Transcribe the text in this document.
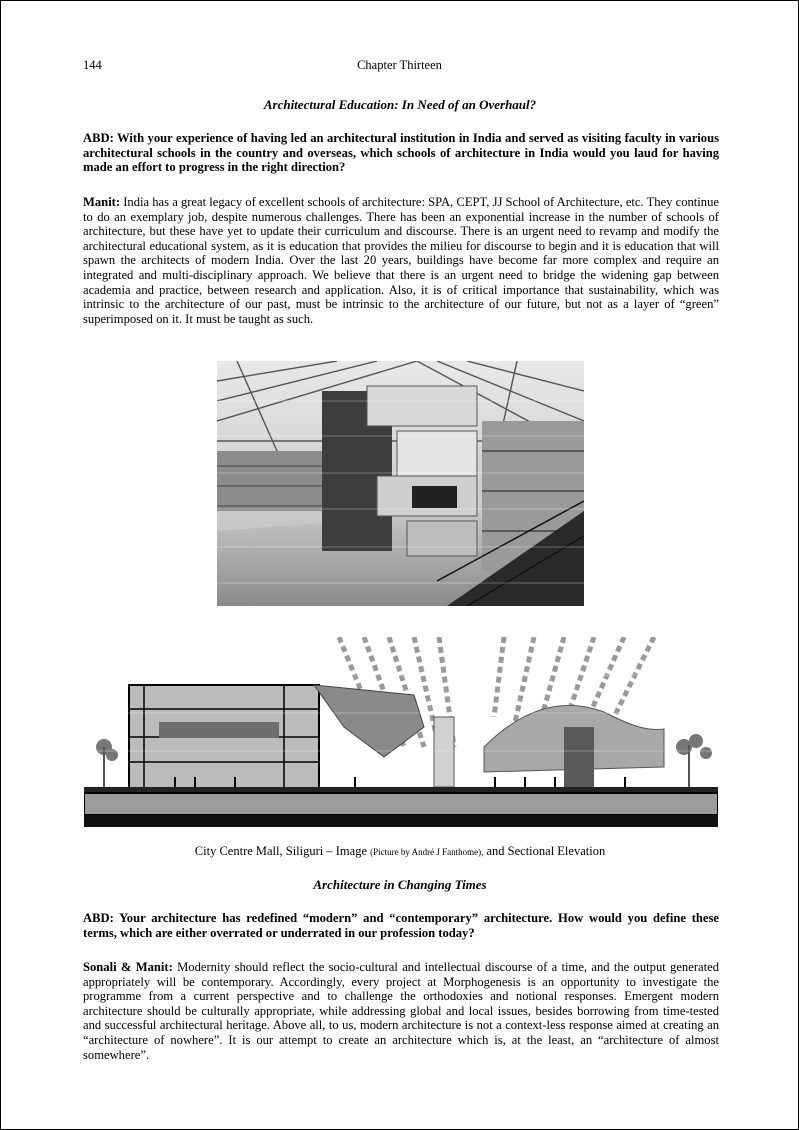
144	Chapter Thirteen
Architectural Education: In Need of an Overhaul?
ABD: With your experience of having led an architectural institution in India and served as visiting faculty in various architectural schools in the country and overseas, which schools of architecture in India would you laud for having made an effort to progress in the right direction?
Manit: India has a great legacy of excellent schools of architecture: SPA, CEPT, JJ School of Architecture, etc. They continue to do an exemplary job, despite numerous challenges. There has been an exponential increase in the number of schools of architecture, but these have yet to update their curriculum and discourse. There is an urgent need to revamp and modify the architectural educational system, as it is education that provides the milieu for discourse to begin and it is education that will spawn the architects of modern India. Over the last 20 years, buildings have become far more complex and require an integrated and multi-disciplinary approach. We believe that there is an urgent need to bridge the widening gap between academia and practice, between research and application. Also, it is of critical importance that sustainability, which was intrinsic to the architecture of our past, must be intrinsic to the architecture of our future, but not as a layer of “green” superimposed on it. It must be taught as such.
City Centre Mall, Siliguri – Image (Picture by André J Fanthome), and Sectional Elevation
Architecture in Changing Times
ABD: Your architecture has redefined “modern” and “contemporary” architecture. How would you define these terms, which are either overrated or underrated in our profession today?
Sonali & Manit: Modernity should reflect the socio-cultural and intellectual discourse of a time, and the output generated appropriately will be contemporary. Accordingly, every project at Morphogenesis is an opportunity to investigate the programme from a current perspective and to challenge the orthodoxies and notional responses. Emergent modern architecture should be culturally appropriate, while addressing global and local issues, besides borrowing from time-tested and successful architectural heritage. Above all, to us, modern architecture is not a context-less response aimed at creating an “architecture of nowhere”. It is our attempt to create an architecture which is, at the least, an “architecture of almost somewhere”.
